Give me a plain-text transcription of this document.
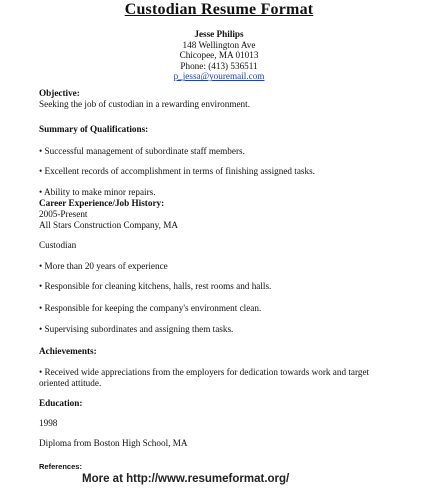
Custodian Resume Format
Jesse Philips
148 Wellington Ave
Chicopee, MA 01013
Phone: (413) 536511
p_jessa@youremail.com
Objective:
Seeking the job of custodian in a rewarding environment.
Summary of Qualifications:
• Successful management of subordinate staff members.
• Excellent records of accomplishment in terms of finishing assigned tasks.
• Ability to make minor repairs.
Career Experience/Job History:
2005-Present
All Stars Construction Company, MA
Custodian
• More than 20 years of experience
• Responsible for cleaning kitchens, halls, rest rooms and halls.
• Responsible for keeping the company's environment clean.
• Supervising subordinates and assigning them tasks.
Achievements:
• Received wide appreciations from the employers for dedication towards work and target oriented attitude.
Education:
1998
Diploma from Boston High School, MA
References:
More at http://www.resumeformat.org/
